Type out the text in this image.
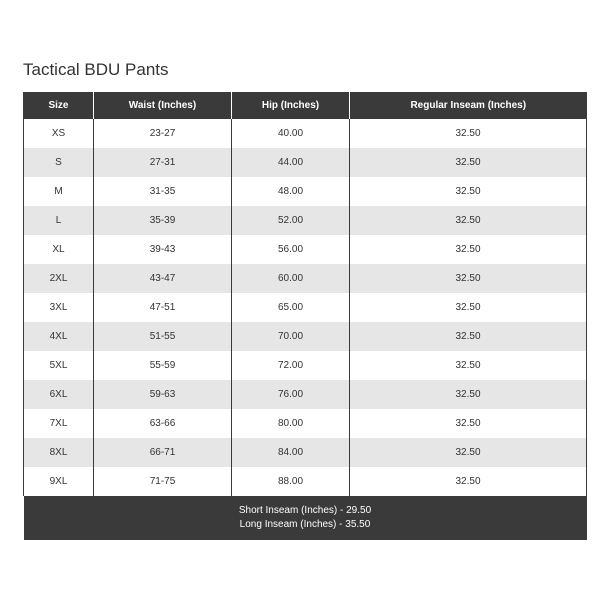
Tactical BDU Pants
Size	Waist (Inches)	Hip (Inches)	Regular Inseam (Inches)
XS	23-27	40.00	32.50
S	27-31	44.00	32.50
M	31-35	48.00	32.50
L	35-39	52.00	32.50
XL	39-43	56.00	32.50
2XL	43-47	60.00	32.50
3XL	47-51	65.00	32.50
4XL	51-55	70.00	32.50
5XL	55-59	72.00	32.50
6XL	59-63	76.00	32.50
7XL	63-66	80.00	32.50
8XL	66-71	84.00	32.50
9XL	71-75	88.00	32.50

Short Inseam (Inches) - 29.50
Long Inseam (Inches) - 35.50			
